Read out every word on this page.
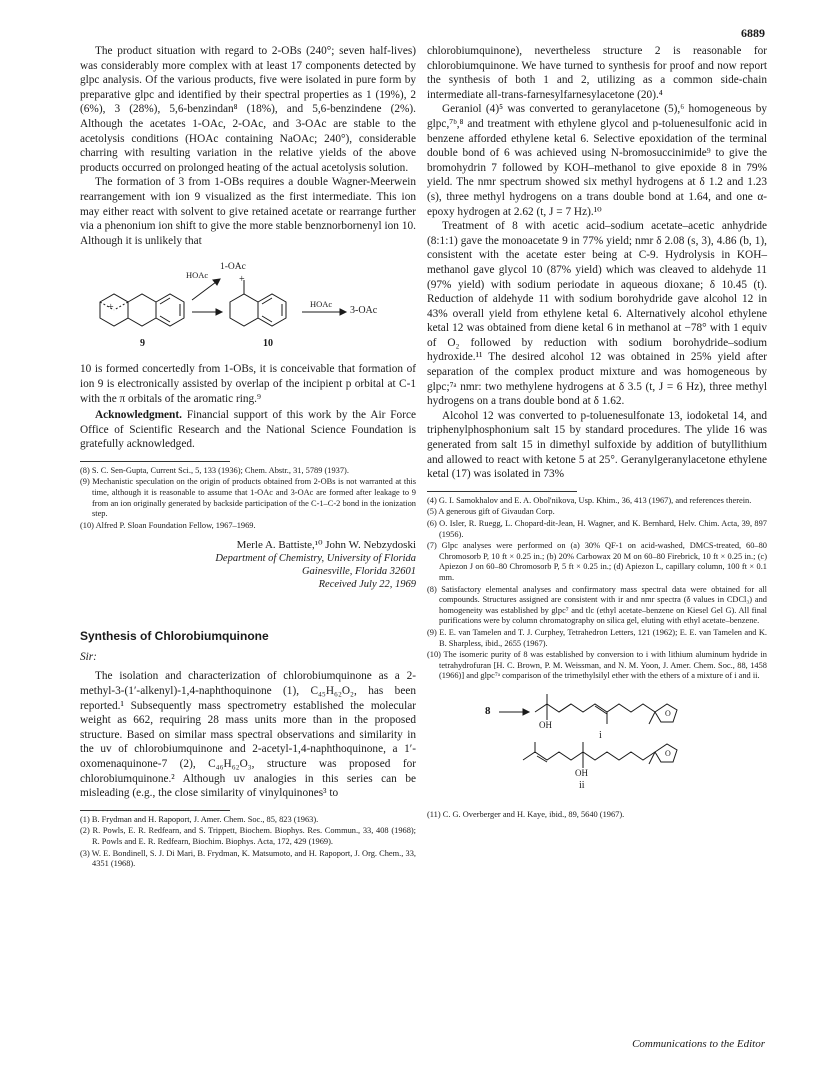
6889

The product situation with regard to 2-OBs (240°; seven half-lives) was considerably more complex with at least 17 components detected by glpc analysis. Of the various products, five were isolated in pure form by preparative glpc and identified by their spectral properties as 1 (19%), 2 (6%), 3 (28%), 5,6-benzindan⁸ (18%), and 5,6-benzindene (2%). Although the acetates 1-OAc, 2-OAc, and 3-OAc are stable to the acetolysis conditions (HOAc containing NaOAc; 240°), considerable charring with resulting variation in the relative yields of the above products occurred on prolonged heating of the actual acetolysis solution.

The formation of 3 from 1-OBs requires a double Wagner-Meerwein rearrangement with ion 9 visualized as the first intermediate. This ion may either react with solvent to give retained acetate or rearrange further via a phenonium ion shift to give the more stable benznorbornenyl ion 10. Although it is unlikely that

+
+
HOAc
1-OAc
HOAc
3-OAc
9	10

10 is formed concertedly from 1-OBs, it is conceivable that formation of ion 9 is electronically assisted by overlap of the incipient p orbital at C-1 with the π orbitals of the aromatic ring.⁹

Acknowledgment. Financial support of this work by the Air Force Office of Scientific Research and the National Science Foundation is gratefully acknowledged.

(8) S. C. Sen-Gupta, Current Sci., 5, 133 (1936); Chem. Abstr., 31, 5789 (1937).
(9) Mechanistic speculation on the origin of products obtained from 2-OBs is not warranted at this time, although it is reasonable to assume that 1-OAc and 3-OAc are formed after leakage to 9 from an ion originally generated by backside participation of the C-1–C-2 bond in the ionization step.
(10) Alfred P. Sloan Foundation Fellow, 1967–1969.
Merle A. Battiste,¹⁰ John W. Nebzydoski
Department of Chemistry, University of Florida
Gainesville, Florida 32601
Received July 22, 1969
Synthesis of Chlorobiumquinone
Sir:

The isolation and characterization of chlorobiumquinone as a 2-methyl-3-(1′-alkenyl)-1,4-naphthoquinone (1), C₄₅H₆₂O₂, has been reported.¹ Subsequently mass spectrometry established the molecular weight as 662, requiring 28 mass units more than in the proposed structure. Based on similar mass spectral observations and similarity in the uv of chlorobiumquinone and 2-acetyl-1,4-naphthoquinone, a 1′-oxomenaquinone-7 (2), C₄₆H₆₂O₃, structure was proposed for chlorobiumquinone.² Although uv analogies in this series can be misleading (e.g., the close similarity of vinylquinones³ to

(1) B. Frydman and H. Rapoport, J. Amer. Chem. Soc., 85, 823 (1963).
(2) R. Powls, E. R. Redfearn, and S. Trippett, Biochem. Biophys. Res. Commun., 33, 408 (1968); R. Powls and E. R. Redfearn, Biochim. Biophys. Acta, 172, 429 (1969).
(3) W. E. Bondinell, S. J. Di Mari, B. Frydman, K. Matsumoto, and H. Rapoport, J. Org. Chem., 33, 4351 (1968).

chlorobiumquinone), nevertheless structure 2 is reasonable for chlorobiumquinone. We have turned to synthesis for proof and now report the synthesis of both 1 and 2, utilizing as a common side-chain intermediate all-trans-farnesylfarnesylacetone (20).⁴

Geraniol (4)⁵ was converted to geranylacetone (5),⁶ homogeneous by glpc,⁷ᵇ,⁸ and treatment with ethylene glycol and p-toluenesulfonic acid in benzene afforded ethylene ketal 6. Selective epoxidation of the terminal double bond of 6 was achieved using N-bromosuccinimide⁹ to give the bromohydrin 7 followed by KOH–methanol to give epoxide 8 in 79% yield. The nmr spectrum showed six methyl hydrogens at δ 1.2 and 1.23 (s), three methyl hydrogens on a trans double bond at 1.64, and one α-epoxy hydrogen at 2.62 (t, J = 7 Hz).¹⁰

Treatment of 8 with acetic acid–sodium acetate–acetic anhydride (8:1:1) gave the monoacetate 9 in 77% yield; nmr δ 2.08 (s, 3), 4.86 (b, 1), consistent with the acetate ester being at C-9. Hydrolysis in KOH–methanol gave glycol 10 (87% yield) which was cleaved to aldehyde 11 (97% yield) with sodium periodate in aqueous dioxane; δ 10.45 (t). Reduction of aldehyde 11 with sodium borohydride gave alcohol 12 in 43% overall yield from ethylene ketal 6. Alternatively alcohol ethylene ketal 12 was obtained from diene ketal 6 in methanol at −78° with 1 equiv of O₂ followed by reduction with sodium borohydride–sodium hydroxide.¹¹ The desired alcohol 12 was obtained in 25% yield after separation of the complex product mixture and was homogeneous by glpc;⁷ᵃ nmr: two methylene hydrogens at δ 3.5 (t, J = 6 Hz), three methyl hydrogens on a trans double bond at δ 1.62.

Alcohol 12 was converted to p-toluenesulfonate 13, iodoketal 14, and triphenylphosphonium salt 15 by standard procedures. The ylide 16 was generated from salt 15 in dimethyl sulfoxide by addition of butyllithium and allowed to react with ketone 5 at 25°. Geranylgeranylacetone ethylene ketal (17) was isolated in 73%

(4) G. I. Samokhalov and E. A. Obol'nikova, Usp. Khim., 36, 413 (1967), and references therein.
(5) A generous gift of Givaudan Corp.
(6) O. Isler, R. Ruegg, L. Chopard-dit-Jean, H. Wagner, and K. Bernhard, Helv. Chim. Acta, 39, 897 (1956).
(7) Glpc analyses were performed on (a) 30% QF-1 on acid-washed, DMCS-treated, 60–80 Chromosorb P, 10 ft × 0.25 in.; (b) 20% Carbowax 20 M on 60–80 Firebrick, 10 ft × 0.25 in.; (c) Apiezon J on 60–80 Chromosorb P, 5 ft × 0.25 in.; (d) Apiezon L, capillary column, 100 ft × 0.1 mm.
(8) Satisfactory elemental analyses and confirmatory mass spectral data were obtained for all compounds. Structures assigned are consistent with ir and nmr spectra (δ values in CDCl₃) and homogeneity was established by glpc⁷ and tlc (ethyl acetate–benzene on Kiesel Gel G). All final purifications were by column chromatography on silica gel, eluting with ethyl acetate–benzene.
(9) E. E. van Tamelen and T. J. Curphey, Tetrahedron Letters, 121 (1962); E. E. van Tamelen and K. B. Sharpless, ibid., 2655 (1967).
(10) The isomeric purity of 8 was established by conversion to i with lithium aluminum hydride in tetrahydrofuran [H. C. Brown, P. M. Weissman, and N. M. Yoon, J. Amer. Chem. Soc., 88, 1458 (1966)] and glpc⁷ᵃ comparison of the trimethylsilyl ether with the ethers of a mixture of i and ii.
O
O
8
OH
i
OH
ii
(11) C. G. Overberger and H. Kaye, ibid., 89, 5640 (1967).
Communications to the Editor
